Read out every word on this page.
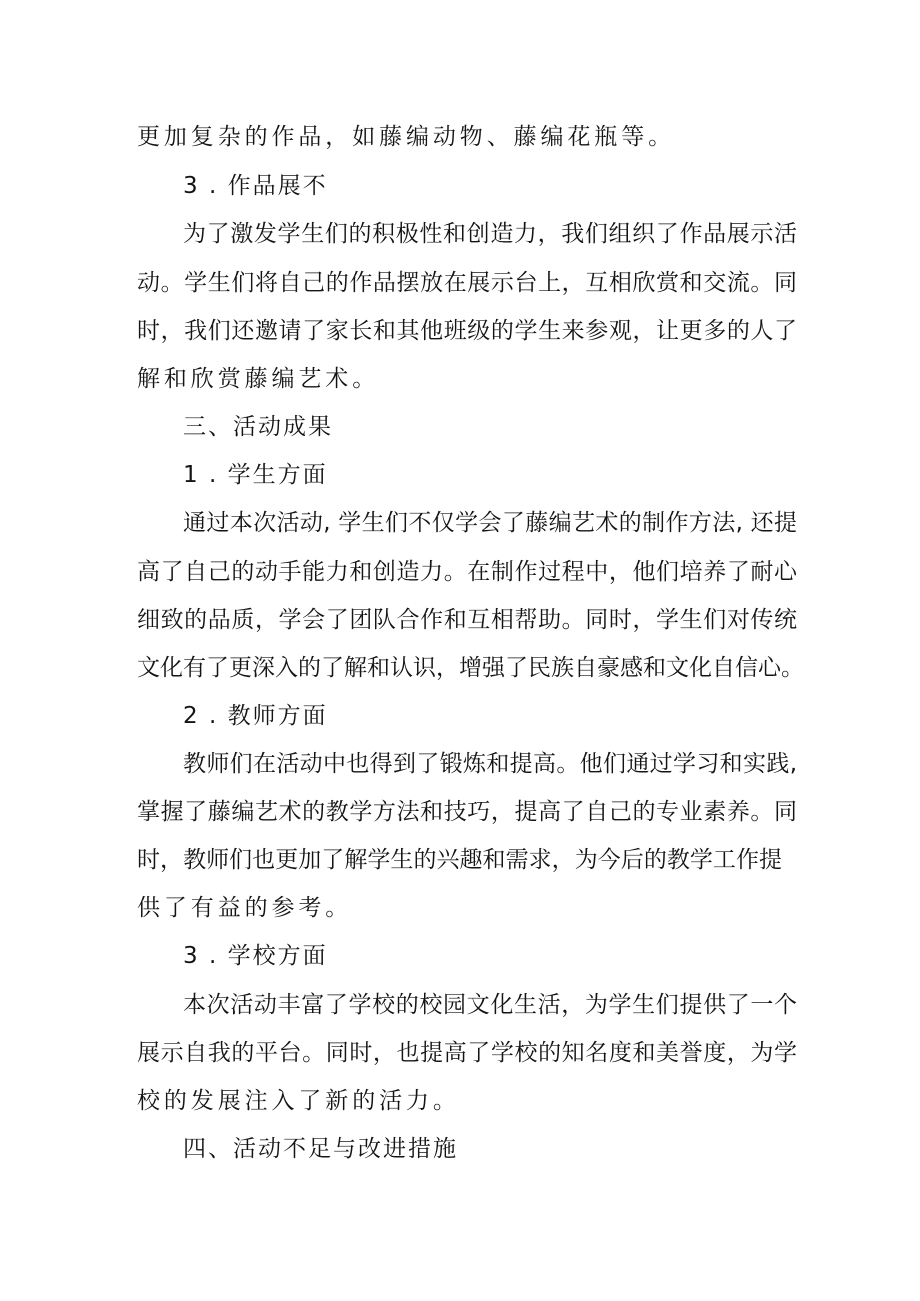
更加复杂的作品，如藤编动物、藤编花瓶等。
3 . 作品展不
为了激发学生们的积极性和创造力，我们组织了作品展示活
动。学生们将自己的作品摆放在展示台上，互相欣赏和交流。同
时，我们还邀请了家长和其他班级的学生来参观，让更多的人了
解和欣赏藤编艺术。
三、活动成果
1 . 学生方面
通过本次活动, 学生们不仅学会了藤编艺术的制作方法, 还提
高了自己的动手能力和创造力。在制作过程中，他们培养了耐心
细致的品质，学会了团队合作和互相帮助。同时，学生们对传统
文化有了更深入的了解和认识，增强了民族自豪感和文化自信心。
2 . 教师方面
教师们在活动中也得到了锻炼和提高。他们通过学习和实践,
掌握了藤编艺术的教学方法和技巧，提高了自己的专业素养。同
时，教师们也更加了解学生的兴趣和需求，为今后的教学工作提
供了有益的参考。
3 . 学校方面
本次活动丰富了学校的校园文化生活，为学生们提供了一个
展示自我的平台。同时，也提高了学校的知名度和美誉度，为学
校的发展注入了新的活力。
四、活动不足与改进措施
